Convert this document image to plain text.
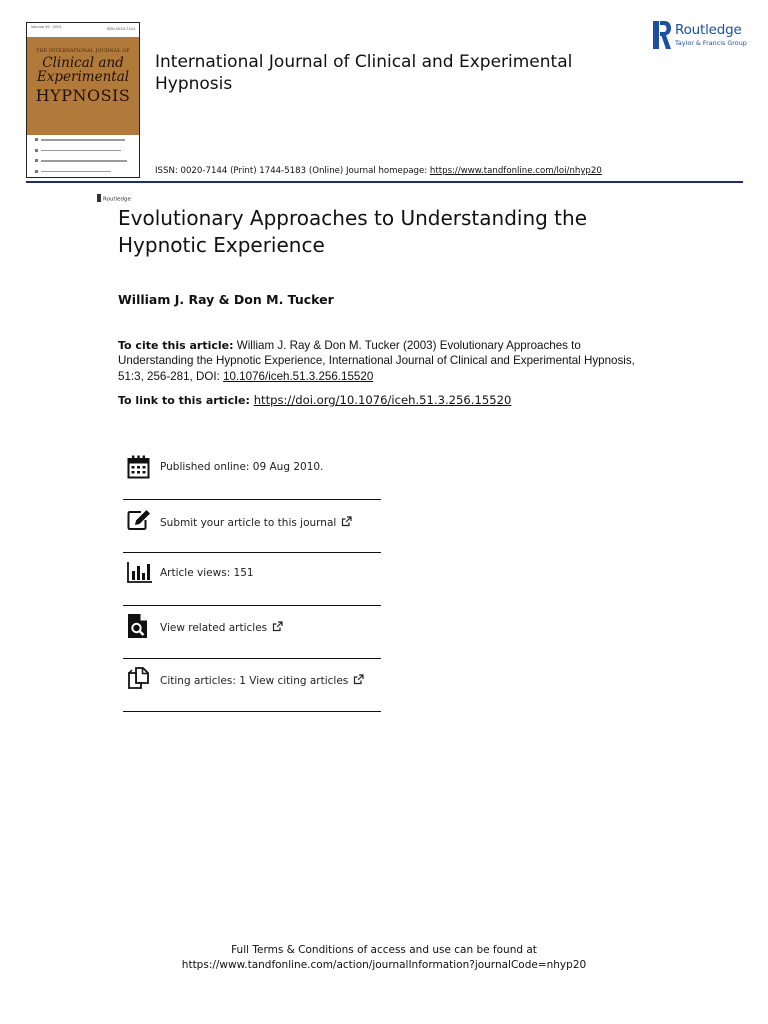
Volume 49 · 2001	ISSN 0020-7144
THE INTERNATIONAL JOURNAL OF
Clinical and
Experimental
HYPNOSIS
Routledge
International Journal of Clinical and Experimental Hypnosis
ISSN: 0020-7144 (Print) 1744-5183 (Online) Journal homepage: https://www.tandfonline.com/loi/nhyp20
Routledge
Taylor & Francis Group
Evolutionary Approaches to Understanding the Hypnotic Experience
William J. Ray & Don M. Tucker
To cite this article: William J. Ray & Don M. Tucker (2003) Evolutionary Approaches to Understanding the Hypnotic Experience, International Journal of Clinical and Experimental Hypnosis, 51:3, 256-281, DOI: 10.1076/iceh.51.3.256.15520
To link to this article: https://doi.org/10.1076/iceh.51.3.256.15520
Published online: 09 Aug 2010.
Submit your article to this journal
Article views: 151
View related articles
Citing articles: 1 View citing articles
Full Terms & Conditions of access and use can be found at
https://www.tandfonline.com/action/journalInformation?journalCode=nhyp20
